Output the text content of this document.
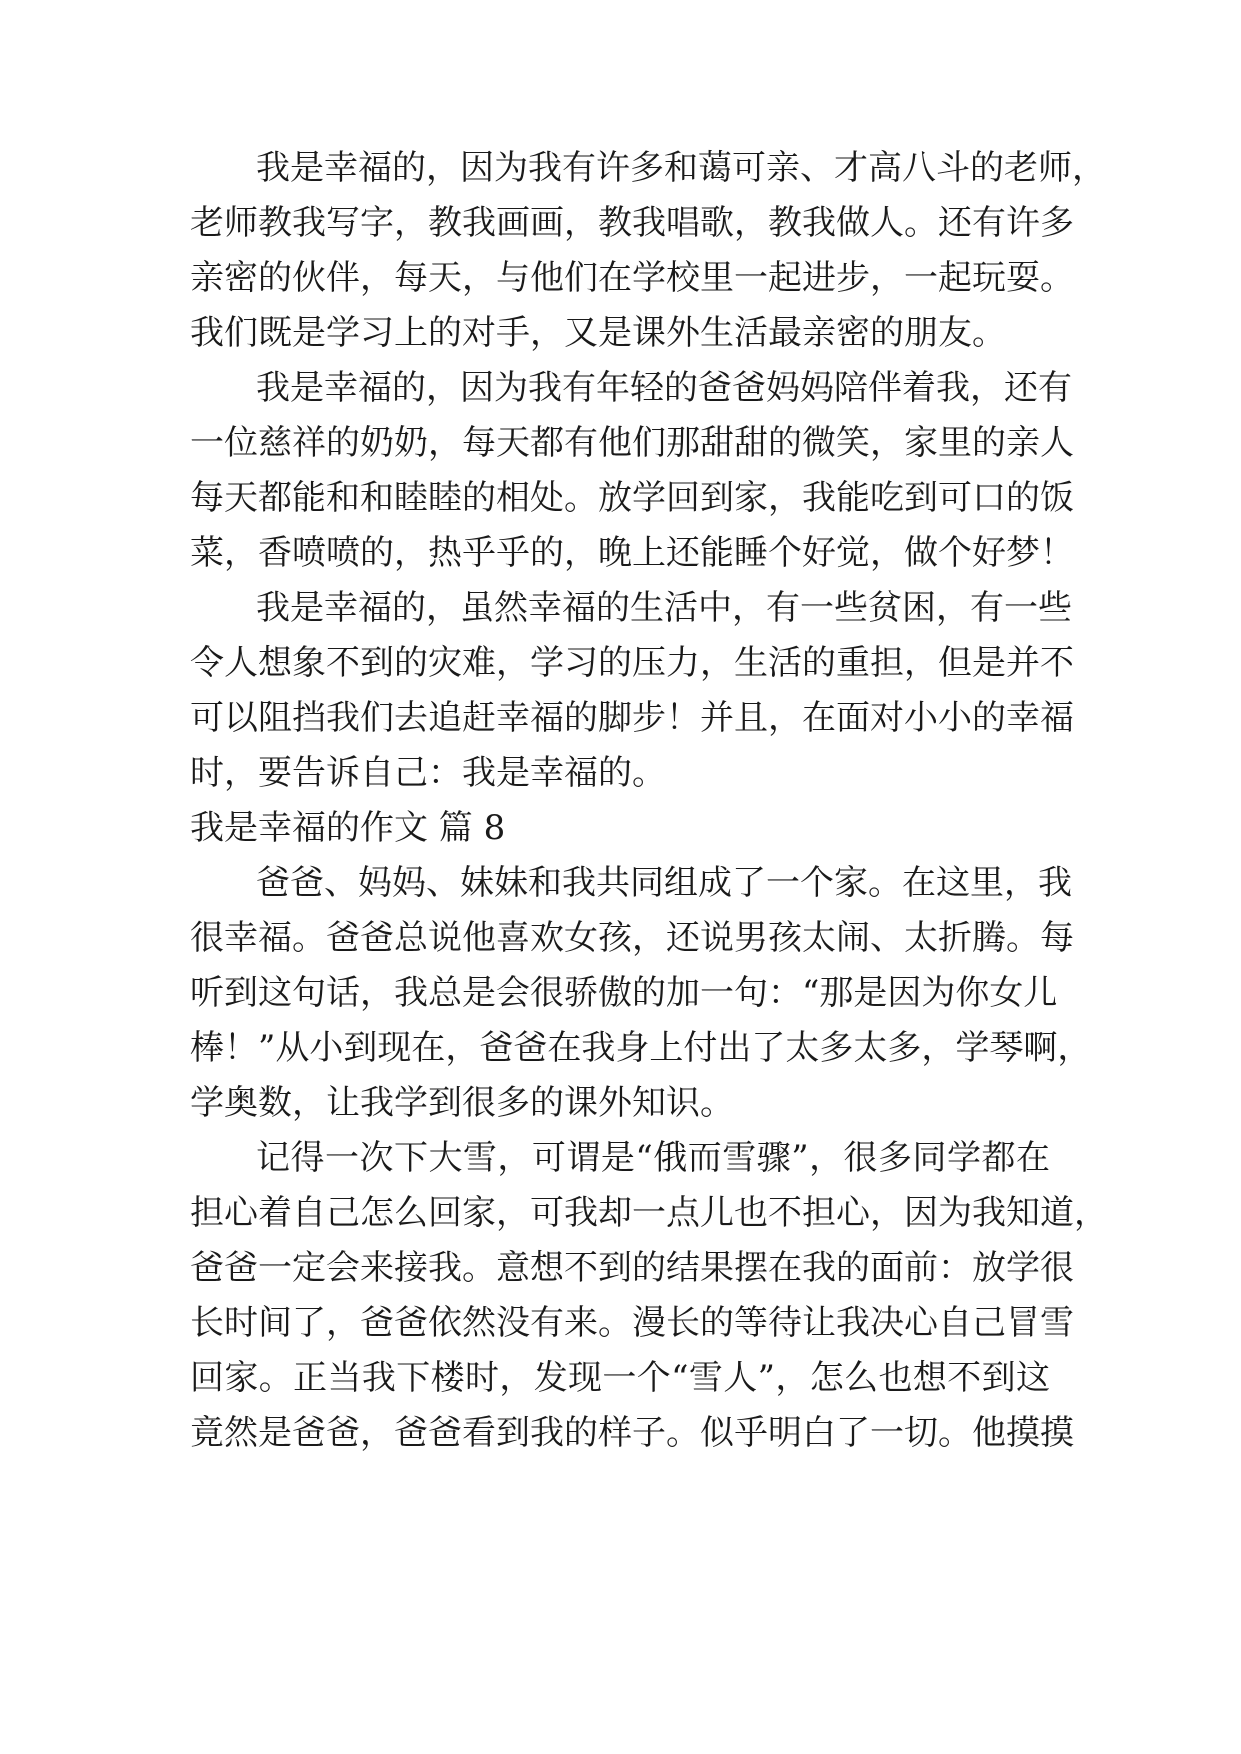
我是幸福的，因为我有许多和蔼可亲、才高八斗的老师，
老师教我写字，教我画画，教我唱歌，教我做人。还有许多
亲密的伙伴，每天，与他们在学校里一起进步，一起玩耍。
我们既是学习上的对手，又是课外生活最亲密的朋友。
我是幸福的，因为我有年轻的爸爸妈妈陪伴着我，还有
一位慈祥的奶奶，每天都有他们那甜甜的微笑，家里的亲人
每天都能和和睦睦的相处。放学回到家，我能吃到可口的饭
菜，香喷喷的，热乎乎的，晚上还能睡个好觉，做个好梦！
我是幸福的，虽然幸福的生活中，有一些贫困，有一些
令人想象不到的灾难，学习的压力，生活的重担，但是并不
可以阻挡我们去追赶幸福的脚步！并且，在面对小小的幸福
时，要告诉自己：我是幸福的。
我是幸福的作文 篇 8
爸爸、妈妈、妹妹和我共同组成了一个家。在这里，我
很幸福。爸爸总说他喜欢女孩，还说男孩太闹、太折腾。每
听到这句话，我总是会很骄傲的加一句：“那是因为你女儿
棒！”从小到现在，爸爸在我身上付出了太多太多，学琴啊，
学奥数，让我学到很多的课外知识。
记得一次下大雪，可谓是“俄而雪骤”，很多同学都在
担心着自己怎么回家，可我却一点儿也不担心，因为我知道，
爸爸一定会来接我。意想不到的结果摆在我的面前：放学很
长时间了，爸爸依然没有来。漫长的等待让我决心自己冒雪
回家。正当我下楼时，发现一个“雪人”，怎么也想不到这
竟然是爸爸，爸爸看到我的样子。似乎明白了一切。他摸摸
